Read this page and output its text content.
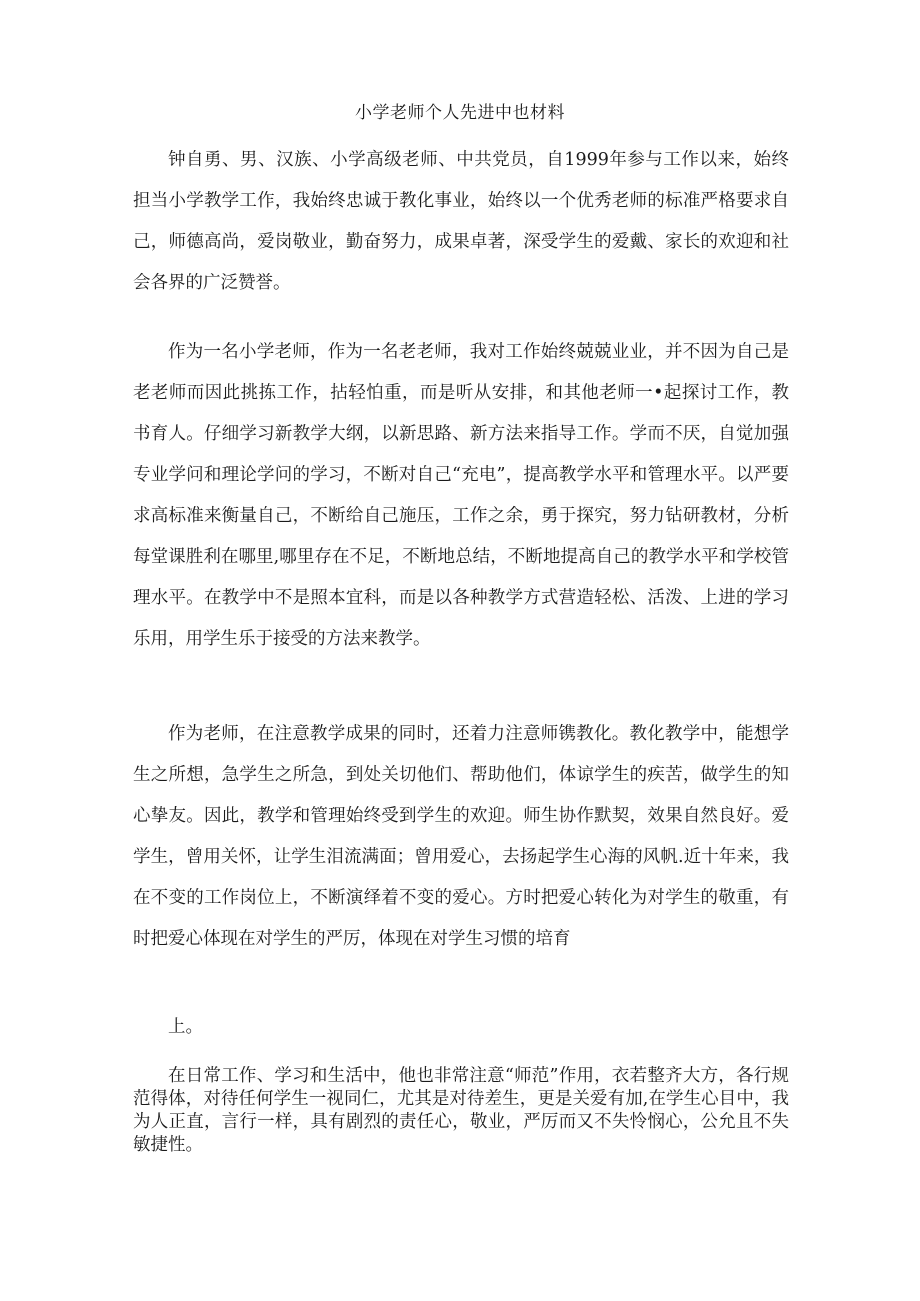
小学老师个人先进中也材料

钟自勇、男、汉族、小学高级老师、中共党员，自1999年参与工作以来，始终担当小学教学工作，我始终忠诚于教化事业，始终以一个优秀老师的标准严格要求自己，师德高尚，爱岗敬业，勤奋努力，成果卓著，深受学生的爱戴、家长的欢迎和社会各界的广泛赞誉。

作为一名小学老师，作为一名老老师，我对工作始终兢兢业业，并不因为自己是老老师而因此挑拣工作，拈轻怕重，而是听从安排，和其他老师一•起探讨工作，教书育人。仔细学习新教学大纲，以新思路、新方法来指导工作。学而不厌，自觉加强专业学问和理论学问的学习，不断对自己“充电”，提高教学水平和管理水平。以严要求高标准来衡量自己，不断给自己施压，工作之余，勇于探究，努力钻研教材，分析每堂课胜利在哪里,哪里存在不足，不断地总结，不断地提高自己的教学水平和学校管理水平。在教学中不是照本宜科，而是以各种教学方式营造轻松、活泼、上进的学习乐用，用学生乐于接受的方法来教学。

作为老师，在注意教学成果的同时，还着力注意师镌教化。教化教学中，能想学生之所想，急学生之所急，到处关切他们、帮助他们，体谅学生的疾苦，做学生的知心挚友。因此，教学和管理始终受到学生的欢迎。师生协作默契，效果自然良好。爱学生，曾用关怀，让学生泪流满面；曾用爱心，去扬起学生心海的风帆.近十年来，我在不变的工作岗位上，不断演绎着不变的爱心。方时把爱心转化为对学生的敬重，有时把爱心体现在对学生的严厉，体现在对学生习惯的培育

上。

在日常工作、学习和生活中，他也非常注意“师范”作用，衣若整齐大方，各行规范得体，对待任何学生一视同仁，尤其是对待差生，更是关爱有加,在学生心目中，我为人正直，言行一样，具有剧烈的责任心，敬业，严厉而又不失怜悯心，公允且不失敏捷性。
